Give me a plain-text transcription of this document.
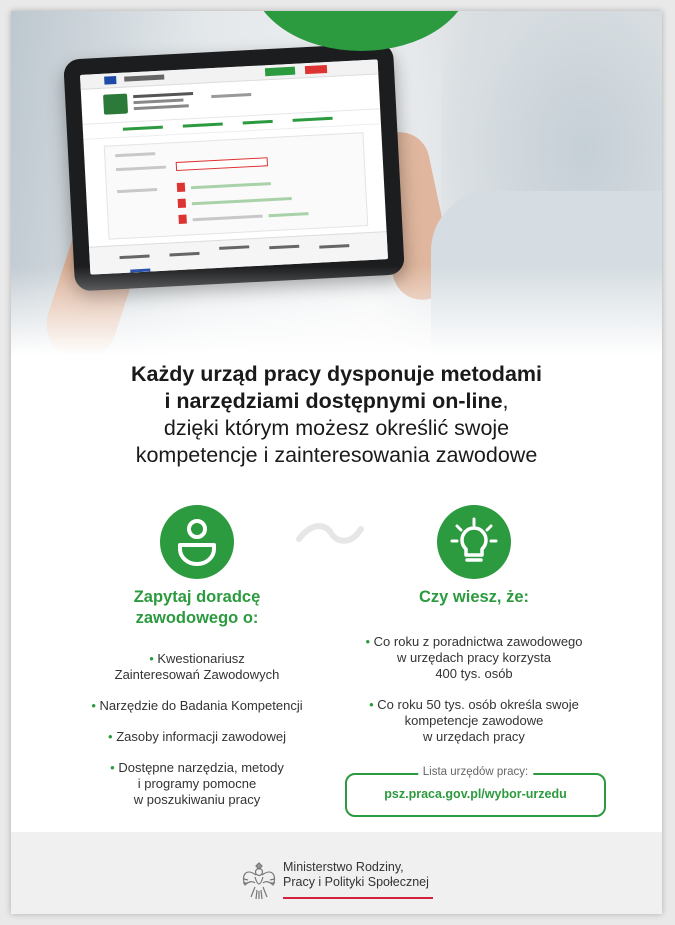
Każdy urząd pracy dysponuje metodami
i narzędziami dostępnymi on-line,
dzięki którym możesz określić swoje
kompetencje i zainteresowania zawodowe
Zapytaj doradcę
zawodowego o:
• Kwestionariusz
Zainteresowań Zawodowych
• Narzędzie do Badania Kompetencji
• Zasoby informacji zawodowej
• Dostępne narzędzia, metody
i programy pomocne
w poszukiwaniu pracy
Czy wiesz, że:
• Co roku z poradnictwa zawodowego
w urzędach pracy korzysta
400 tys. osób
• Co roku 50 tys. osób określa swoje
kompetencje zawodowe
w urzędach pracy
Lista urzędów pracy:
psz.praca.gov.pl/wybor-urzedu
Ministerstwo Rodziny,
Pracy i Polityki Społecznej
